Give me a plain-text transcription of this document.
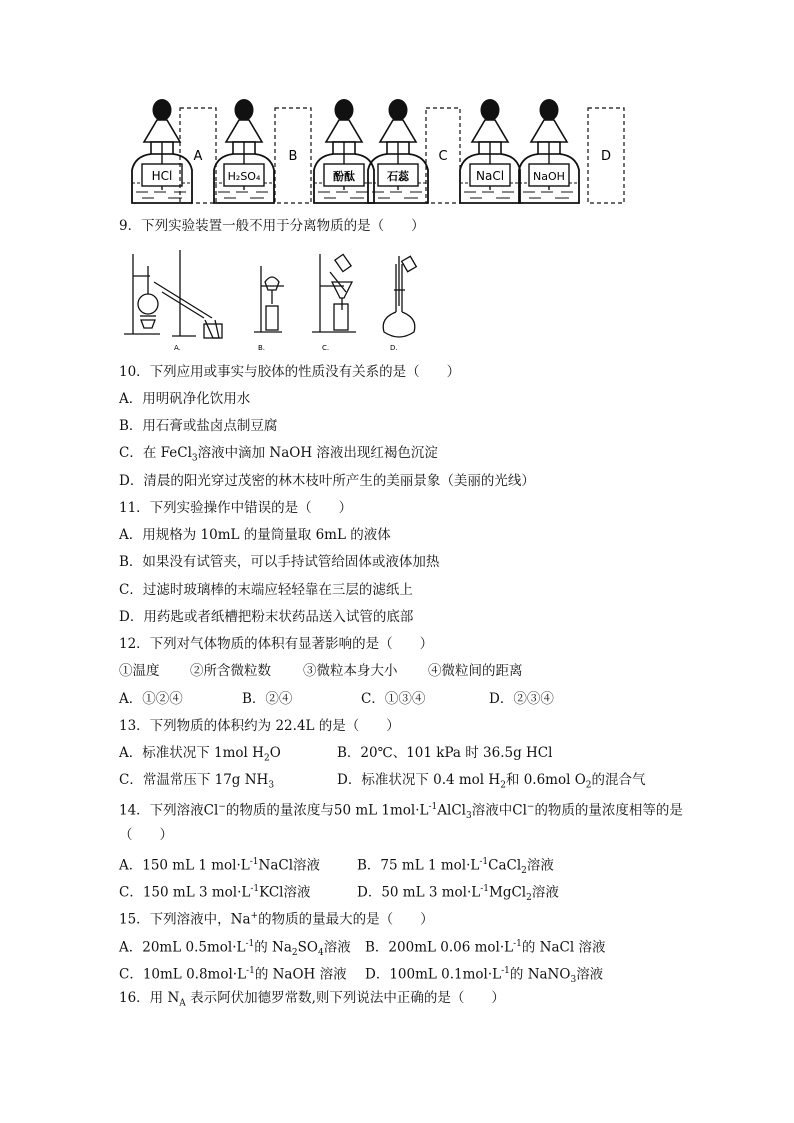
HCl
A
H₂SO₄
B
酚酞	石蕊
C
NaCl	NaOH
D
9．下列实验装置一般不用于分离物质的是（　　）
A.	B.	C.	D.
10．下列应用或事实与胶体的性质没有关系的是（　　）
A．用明矾净化饮用水
B．用石膏或盐卤点制豆腐
C．在 FeCl$_3$溶液中滴加 NaOH 溶液出现红褐色沉淀
D．清晨的阳光穿过茂密的林木枝叶所产生的美丽景象（美丽的光线）
11．下列实验操作中错误的是（　　）
A．用规格为 10mL 的量筒量取 6mL 的液体
B．如果没有试管夹，可以手持试管给固体或液体加热
C．过滤时玻璃棒的末端应轻轻靠在三层的滤纸上
D．用药匙或者纸槽把粉末状药品送入试管的底部
12．下列对气体物质的体积有显著影响的是（　　）
①温度 ②所含微粒数 ③微粒本身大小 ④微粒间的距离
A．①②④	B．②④	C．①③④	D．②③④
13．下列物质的体积约为 22.4L 的是（　　）
A．标准状况下 1mol $H_2O$	B．20℃、101 kPa 时 36.5g HCl
C．常温常压下 17g $NH_3$	D．标准状况下 0.4 mol $H_2$和 0.6mol $O_2$的混合气
14．下列溶液Cl−的物质的量浓度与50 mL $1mol\cdot L^{-1}AlCl_3$溶液中Cl−的物质的量浓度相等的是
（　　）
A．150 mL 1 $mol\cdot L^{-1}NaCl$溶液	B．75 mL 1 $mol\cdot L^{-1}CaCl_2$溶液
C．150 mL 3 $mol\cdot L^{-1}KCl$溶液	D．50 mL 3 $mol\cdot L^{-1}MgCl_2$溶液
15．下列溶液中，Na+的物质的量最大的是（　　）
A．20mL $0.5mol\cdot L^{-1}$的 $Na_2SO_4$溶液 B．200mL 0.06 $mol\cdot L^{-1}$的 NaCl 溶液
C．10mL $0.8mol\cdot L^{-1}$的 NaOH 溶液 D．100mL $0.1mol\cdot L^{-1}$的 NaNO$_3$溶液
16．用 $N_A$ 表示阿伏加德罗常数,则下列说法中正确的是（　　）
